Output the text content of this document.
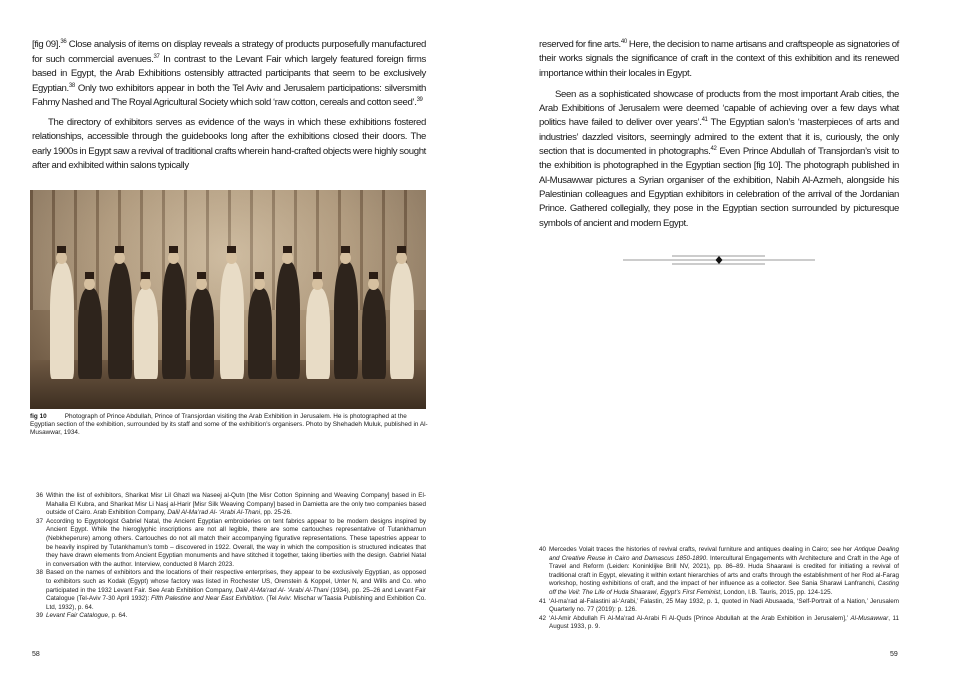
[fig 09].$^{36}$ Close analysis of items on display reveals a strategy of products purposefully manufactured for such commercial avenues.$^{37}$ In contrast to the Levant Fair which largely featured foreign firms based in Egypt, the Arab Exhibitions ostensibly attracted participants that seem to be exclusively Egyptian.$^{38}$ Only two exhibitors appear in both the Tel Aviv and Jerusalem participations: silversmith Fahmy Nashed and The Royal Agricultural Society which sold ‘raw cotton, cereals and cotton seed’.$^{39}$

The directory of exhibitors serves as evidence of the ways in which these exhibitions fostered relationships, accessible through the guidebooks long after the exhibitions closed their doors. The early 1900s in Egypt saw a revival of traditional crafts wherein hand-crafted objects were highly sought after and exhibited within salons typically

fig 10	Photograph of Prince Abdullah, Prince of Transjordan visiting the Arab Exhibition in Jerusalem. He is photographed at the Egyptian section of the exhibition, surrounded by its staff and some of the exhibition’s organisers. Photo by Shehadeh Muluk, published in Al-Musawwar, 1934.
36 Within the list of exhibitors, Sharikat Misr Lil Ghazl wa Naseej al-Qutn [the Misr Cotton Spinning and Weaving Company] based in El-Mahalla El Kubra, and Sharikat Misr Li Nasj al-Harir [Misr Silk Weaving Company] based in Damietta are the only two companies based outside of Cairo. Arab Exhibition Company, Dalil Al-Ma’rad Al- ‘Arabi Al-Thani, pp. 25-26.
37 According to Egyptologist Gabriel Natal, the Ancient Egyptian embroideries on tent fabrics appear to be modern designs inspired by Ancient Egypt. While the hieroglyphic inscriptions are not all legible, there are some cartouches representative of Tutankhamun (Nebkheperure) among others. Cartouches do not all match their accompanying figurative representations. These tapestries appear to be heavily inspired by Tutankhamun’s tomb – discovered in 1922. Overall, the way in which the composition is structured indicates that they have drawn elements from Ancient Egyptian monuments and have stitched it together, taking liberties with the design. Gabriel Natal in conversation with the author. Interview, conducted 8 March 2023.
38 Based on the names of exhibitors and the locations of their respective enterprises, they appear to be exclusively Egyptian, as opposed to exhibitors such as Kodak (Egypt) whose factory was listed in Rochester US, Orenstein & Koppel, Unter N, and Wills and Co. who participated in the 1932 Levant Fair. See Arab Exhibition Company, Dalil Al-Ma’rad Al- ‘Arabi Al-Thani (1934), pp. 25–26 and Levant Fair Catalogue (Tel-Aviv 7-30 April 1932): Fifth Palestine and Near East Exhibition. (Tel Aviv: Mischar w’Taasia Publishing and Exhibition Co. Ltd, 1932), p. 64.
39 Levant Fair Catalogue, p. 64.
58

reserved for fine arts.$^{40}$ Here, the decision to name artisans and craftspeople as signatories of their works signals the significance of craft in the context of this exhibition and its renewed importance within their locales in Egypt.

Seen as a sophisticated showcase of products from the most important Arab cities, the Arab Exhibitions of Jerusalem were deemed ‘capable of achieving over a few days what politics have failed to deliver over years’.$^{41}$ The Egyptian salon’s ‘masterpieces of arts and industries’ dazzled visitors, seemingly admired to the extent that it is, curiously, the only section that is documented in photographs.$^{42}$ Even Prince Abdullah of Transjordan’s visit to the exhibition is photographed in the Egyptian section [fig 10]. The photograph published in Al-Musawwar pictures a Syrian organiser of the exhibition, Nabih Al-Azmeh, alongside his Palestinian colleagues and Egyptian exhibitors in celebration of the arrival of the Jordanian Prince. Gathered collegially, they pose in the Egyptian section surrounded by picturesque symbols of ancient and modern Egypt.

40 Mercedes Volait traces the histories of revival crafts, revival furniture and antiques dealing in Cairo; see her Antique Dealing and Creative Reuse in Cairo and Damascus 1850-1890. Intercultural Engagements with Architecture and Craft in the Age of Travel and Reform (Leiden: Koninklijke Brill NV, 2021), pp. 86–89. Huda Shaarawi is credited for initiating a revival of traditional craft in Egypt, elevating it within extant hierarchies of arts and crafts through the establishment of her Rod al-Farag workshop, hosting exhibitions of craft, and the impact of her influence as a collector. See Sania Sharawi Lanfranchi, Casting off the Veil: The Life of Huda Shaarawi, Egypt’s First Feminist, London, I.B. Tauris, 2015, pp. 124-125.
41 ‘Al-ma’rad al-Falastini al-‘Arabi,’ Falastin, 25 May 1932, p. 1, quoted in Nadi Abusaada, ‘Self-Portrait of a Nation,’ Jerusalem Quarterly no. 77 (2019): p. 126.
42 ‘Al-Amir Abdullah Fi Al-Ma’rad Al-Arabi Fi Al-Quds [Prince Abdullah at the Arab Exhibition in Jerusalem],’ Al-Musawwar, 11 August 1933, p. 9.
59
